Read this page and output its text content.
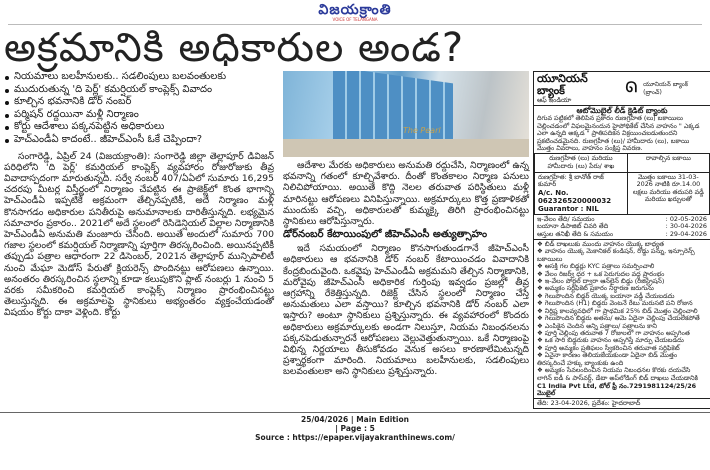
విజయక్రాంతి
VOICE OF TELANGANA
అక్రమానికి అధికారుల అండ?
నియమాలు బలహీనులకు.. సడలింపులు బలవంతులకు
ముదురుతున్న 'ది పెర్ల్' కమర్షియల్ కాంప్లెక్స్ వివాదం
కూల్చిన భవనానికి డోర్ నంబర్
పర్మిషన్ రద్దయినా మళ్లీ నిర్మాణం
కోర్టు ఆదేశాలు పక్కనపెట్టిన అధికారులు
హెచ్ఎండీఏ కాదంటే.. జీహెచ్ఎంసీ ఓకే చెప్పిందా?

సంగారెడ్డి, ఏప్రిల్ 24 (విజయక్రాంతి): సంగారెడ్డి జిల్లా తెల్లాపూర్ డివిజన్ పరిధిలోని 'ది పెర్ల్' కమర్షియల్ కాంప్లెక్స్ వ్యవహారం రోజురోజుకు తీవ్ర వివాదాస్పదంగా మారుతున్నది. సర్వే నంబర్ 407/ఏఏలో సుమారు 16,295 చదరపు మీటర్ల విస్తీర్ణంలో నిర్మాణం చేపట్టిన ఈ ప్రాజెక్ట్‌లో కొంత భాగాన్ని హెచ్ఎండీఏ ఇప్పటికే అక్రమంగా తేల్చినప్పటికీ, అదే నిర్మాణం మళ్లీ కొనసాగడం అధికారుల పనితీరుపై అనుమానాలకు దారితీస్తున్నది. లభ్యమైన సమాచారం ప్రకారం.. 2021లో అదే స్థలంలో రెసిడెన్షియల్ విల్లాల నిర్మాణానికి హెచ్ఎండీఏ అనుమతి మంజూరు చేసింది. అయితే అందులో సుమారు 700 గజాల స్థలంలో కమర్షియల్ నిర్మాణాన్ని పూర్తిగా తిరస్కరించింది. అయినప్పటికీ తప్పుడు పత్రాల ఆధారంగా 22 డిసెంబర్, 2021న తెల్లాపూర్ మున్సిపాలిటీ నుంచి మేఘా మెడోస్ పేరుతో క్లియరెన్స్ పొందినట్టు ఆరోపణలు ఉన్నాయి. అనంతరం తిరస్కరించిన స్థలాన్ని కూడా కలుపుకొని ప్లాట్ నంబర్లు 1 నుంచి 5 వరకు సమీకరించి కమర్షియల్ కాంప్లెక్స్ నిర్మాణం ప్రారంభించినట్టు తెలుస్తున్నది. ఈ అక్రమాలపై స్థానికులు అభ్యంతరం వ్యక్తంచేయడంతో విషయం కోర్టు దాకా వెళ్లింది. కోర్టు

The Pearl

ఆదేశాల మేరకు అధికారులు అనుమతి రద్దుచేసి, నిర్మాణంలో ఉన్న భవనాన్ని గతంలో కూల్చివేశారు. దీంతో కొంతకాలం నిర్మాణ పనులు నిలిచిపోయాయి. అయితే కొద్ది నెలల తరువాత పరిస్థితులు మళ్లీ మారినట్టు ఆరోపణలు వినిపిస్తున్నాయి. అక్రమార్కులు కొత్త ప్రణాళికతో ముందుకు వచ్చి, అధికారులతో కుమ్మక్కై తిరిగి ప్రారంభించినట్టు స్థానికులు ఆరోపిస్తున్నారు.

డోర్‌నంబర్ కేటాయింపులో జీహెచ్ఎంసీ అత్యుత్సాహం

ఇదే సమయంలో నిర్మాణం కొనసాగుతుండగానే జీహెచ్ఎంసీ అధికారులు ఆ భవనానికి డోర్ నంబర్ కేటాయించడం వివాదానికి కేంద్రబిందువైంది. ఒకవైపు హెచ్ఎండీఏ అక్రమమని తేల్చిన నిర్మాణానికి, మరోవైపు జీహెచ్ఎంసీ అధికారిక గుర్తింపు ఇవ్వడం ప్రజల్లో తీవ్ర ఆగ్రహాన్ని రేకెత్తిస్తున్నది. రిజెక్ట్ చేసిన స్థలంలో నిర్మాణం చేస్తే అనుమతులు ఎలా వస్తాయి? కూల్చిన భవనానికి డోర్ నంబర్ ఎలా ఇస్తారు? అంటూ స్థానికులు ప్రశ్నిస్తున్నారు. ఈ వ్యవహారంలో కొందరు అధికారులు అక్రమార్కులకు అండగా నిలుస్తూ, నియమ నిబంధనలను పక్కనపెడుతున్నారనే ఆరోపణలు వెల్లువెత్తుతున్నాయి. ఒకే నిర్మాణంపై విభిన్న నిర్ణయాలు తీసుకోవడం వెనుక అసలు కారణాలేమిటున్నది ప్రశ్నార్థకంగా మారింది. నియమాలు బలహీనులకు, సడలింపులు బలవంతులకా అని స్థానికులు ప్రశ్నిస్తున్నారు.

యూనియన్ బ్యాంక్
ఆఫ్ ఇండియా
ᘏ యూనియన్ బ్యాంక్ (బ్రాంచ్)
ఆటోమొబైల్ లీడ్ క్రెడిట్ బ్యాంకు
దిగువ పట్టికలో తెలిపిన ప్రకారం రుణగ్రహీత (లు) బకాయిలు చెల్లించడంలో విఫలమైనందున హైపోథికేట్ చేసిన వాహనం " ఎక్కడ ఎలా ఉన్నది అక్కడ " ప్రాతిపదికన విక్రయించబడుతుందని ప్రకటించడమైనది. రుణగ్రహీత (లు)/ హామీదారు (లు), బకాయి మొత్తం వివరాలు, వాహనం సంక్షిప్త వివరణ.
రుణగ్రహీత (లు) మరియు హామీదారు (లు) పేరు/ శాఖ	రావాల్సిన బకాయి

రుణగ్రహీత: శ్రీ బానోత్ రాజ్ కుమార్
A/c. No.
062326520000032
Guarantor : NIL	మొత్తం బకాయి 31-03-2026 నాటికి రూ.14.00 లక్షలు మరియు తదుపరి వడ్డీ మరియు ఖర్చులతో
ఇ-వేలం తేది/ సమయం	: 02-05-2026
బయానా డిపాజిట్ చివరి తేది	: 30-04-2026
ఆస్తుల తనిఖీ తేది & సమయం	: 29-04-2026
❖ బిడ్ దాఖలుకు ముందు వాహనం యొక్క బాధ్యత
❖ వాహనం యొక్క మెకానికల్ కండిషన్, రోడ్డు పన్ను, ఇన్సూరెన్స్ బకాయిలు
❖ ఆసక్తి గల బిడ్డర్లు KYC పత్రాలు సమర్పించాలి
❖ వేలం రిజర్వ్ ధర + ఒక పెరుగుదల వద్ద ప్రారంభం
❖ ఇ-వేలం పోర్టల్ ద్వారా ఆన్‌లైన్ బిడ్డు (రిజిస్ట్రేషన్)
❖ అమ్మకం సర్టిఫికెట్ ప్రకారం నిర్ధారణ జరుగును
❖ గెలుపొందిన బిడ్డర్ యొక్క బయానా వడ్డీ చేయబడదు
❖ గెలుపొందిన (H1) బిడ్డరు వెంటనే రేటు మరుసటి పని రోజున
❖ నిర్దిష్ట కాలవ్యవధిలో గా ప్రాథమిక 25% బిడ్ మొత్తం చెల్లించాలి
❖ గెలుపొందిన బిడ్డరు అతను/ ఆమె ఏదైనా చెల్లింపు చేయలేకపోతే
❖ ఎంపికైన చెందిన అన్ని పత్రాలు/ పత్రాలను కాని
❖ పూర్తి చెల్లింపు తరువాత 7 రోజులలో గా వాహనం అప్పగింత
❖ ఒక సారి బిడ్డరుకు వాహనం అప్పగిస్తే మార్పు చేయబడదు
❖ పూర్తి అమ్మకం ప్రతిఫలం స్వీకరించిన తరువాత సర్టిఫికెట్
❖ ఏవైనా కారణం తెలియజేయకుండా ఏదైనా బిడ్ మొత్తం తిరస్కరించే హక్కు బ్యాంకుకు ఉంది
❖ అమ్మకం సేవలందించిన నియమ నిబంధనల కొరకు దయచేసి
లాగిన్ ఐడీ & పాస్‌వర్డ్, డేటా అప్‌లోడింగ్ బిడ్ దాఖలు చేయడానికి
C1 India Pvt Ltd, టోల్ ఫ్రీ నం.7291981124/25/26 మొబైల్
తేది: 23-04-2026, ప్రదేశం: హైదరాబాద్
25/04/2026 | Main Edition
| Page : 5
Source : https://epaper.vijayakranthinews.com/
